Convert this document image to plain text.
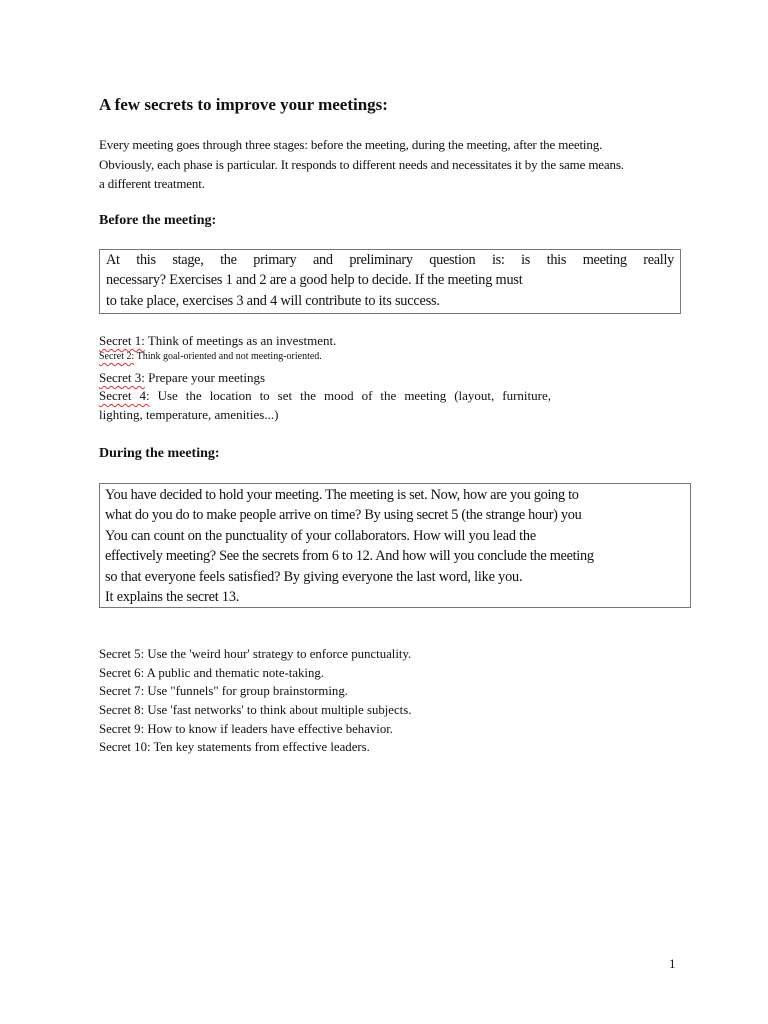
A few secrets to improve your meetings:
Every meeting goes through three stages: before the meeting, during the meeting, after the meeting.
Obviously, each phase is particular. It responds to different needs and necessitates it by the same means.
a different treatment.
Before the meeting:
At this stage, the primary and preliminary question is: is this meeting really
necessary? Exercises 1 and 2 are a good help to decide. If the meeting must
to take place, exercises 3 and 4 will contribute to its success.
Secret 1: Think of meetings as an investment.
Secret 2: Think goal-oriented and not meeting-oriented.
Secret 3: Prepare your meetings
Secret 4: Use the location to set the mood of the meeting (layout, furniture,
lighting, temperature, amenities...)
During the meeting:
You have decided to hold your meeting. The meeting is set. Now, how are you going to
what do you do to make people arrive on time? By using secret 5 (the strange hour) you
You can count on the punctuality of your collaborators. How will you lead the
effectively meeting? See the secrets from 6 to 12. And how will you conclude the meeting
so that everyone feels satisfied? By giving everyone the last word, like you.
It explains the secret 13.
Secret 5: Use the 'weird hour' strategy to enforce punctuality.
Secret 6: A public and thematic note-taking.
Secret 7: Use "funnels" for group brainstorming.
Secret 8: Use 'fast networks' to think about multiple subjects.
Secret 9: How to know if leaders have effective behavior.
Secret 10: Ten key statements from effective leaders.
1
